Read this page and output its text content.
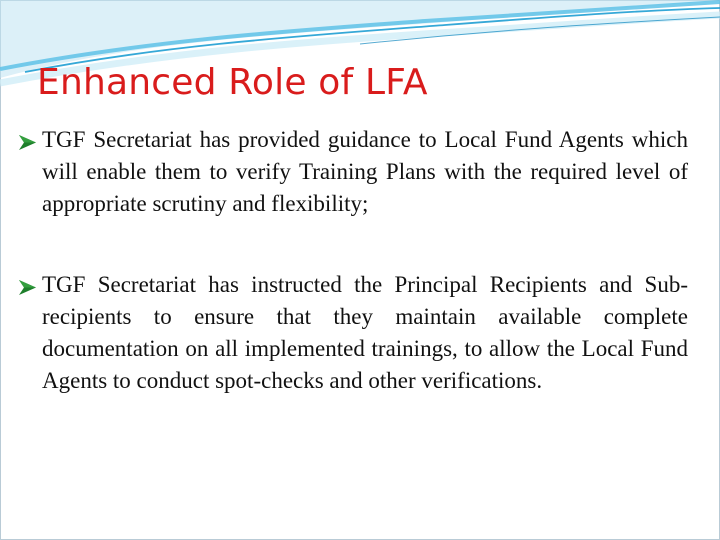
Enhanced Role of LFA
TGF Secretariat has provided guidance to Local Fund Agents which will enable them to verify Training Plans with the required level of appropriate scrutiny and flexibility;
TGF Secretariat has instructed the Principal Recipients and Sub-recipients to ensure that they maintain available complete documentation on all implemented trainings, to allow the Local Fund Agents to conduct spot-checks and other verifications.
